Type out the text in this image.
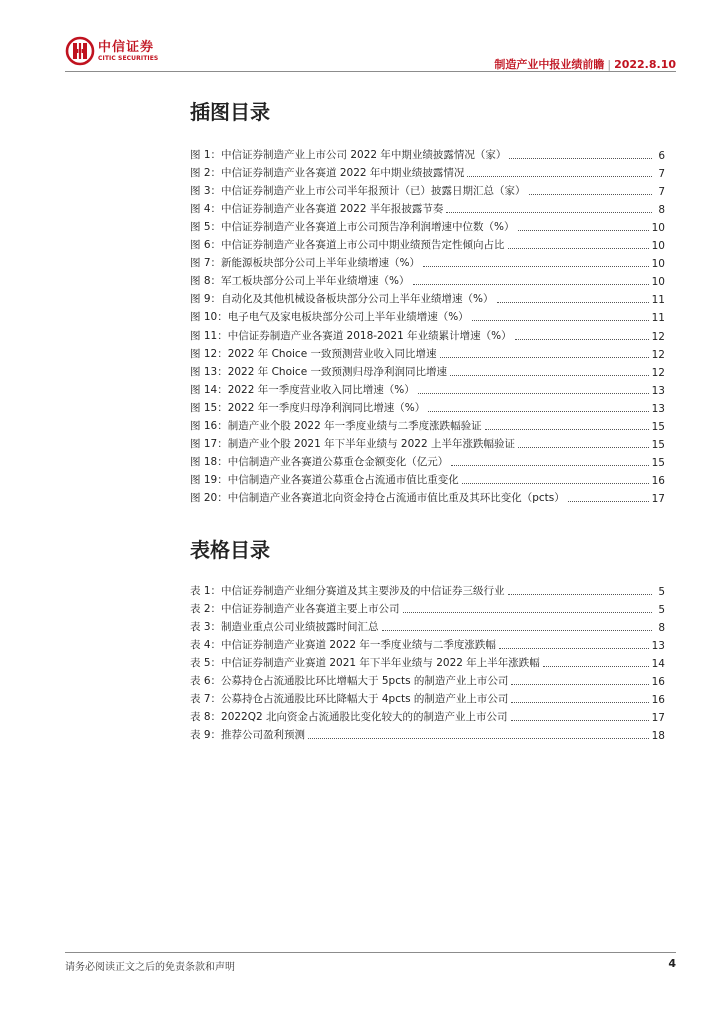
中信证券
CITIC SECURITIES	制造产业中报业绩前瞻 | 2022.8.10
插图目录
图 1：中信证券制造产业上市公司 2022 年中期业绩披露情况（家）	6
图 2：中信证券制造产业各赛道 2022 年中期业绩披露情况	7
图 3：中信证券制造产业上市公司半年报预计（已）披露日期汇总（家）	7
图 4：中信证券制造产业各赛道 2022 半年报披露节奏	8
图 5：中信证券制造产业各赛道上市公司预告净利润增速中位数（%）	10
图 6：中信证券制造产业各赛道上市公司中期业绩预告定性倾向占比	10
图 7：新能源板块部分公司上半年业绩增速（%）	10
图 8：军工板块部分公司上半年业绩增速（%）	10
图 9：自动化及其他机械设备板块部分公司上半年业绩增速（%）	11
图 10：电子电气及家电板块部分公司上半年业绩增速（%）	11
图 11：中信证券制造产业各赛道 2018-2021 年业绩累计增速（%）	12
图 12：2022 年 Choice 一致预测营业收入同比增速	12
图 13：2022 年 Choice 一致预测归母净利润同比增速	12
图 14：2022 年一季度营业收入同比增速（%）	13
图 15：2022 年一季度归母净利润同比增速（%）	13
图 16：制造产业个股 2022 年一季度业绩与二季度涨跌幅验证	15
图 17：制造产业个股 2021 年下半年业绩与 2022 上半年涨跌幅验证	15
图 18：中信制造产业各赛道公募重仓金额变化（亿元）	15
图 19：中信制造产业各赛道公募重仓占流通市值比重变化	16
图 20：中信制造产业各赛道北向资金持仓占流通市值比重及其环比变化（pcts）	17
表格目录
表 1：中信证券制造产业细分赛道及其主要涉及的中信证券三级行业	5
表 2：中信证券制造产业各赛道主要上市公司	5
表 3：制造业重点公司业绩披露时间汇总	8
表 4：中信证券制造产业赛道 2022 年一季度业绩与二季度涨跌幅	13
表 5：中信证券制造产业赛道 2021 年下半年业绩与 2022 年上半年涨跌幅	14
表 6：公募持仓占流通股比环比增幅大于 5pcts 的制造产业上市公司	16
表 7：公募持仓占流通股比环比降幅大于 4pcts 的制造产业上市公司	16
表 8：2022Q2 北向资金占流通股比变化较大的的制造产业上市公司	17
表 9：推荐公司盈利预测	18
请务必阅读正文之后的免责条款和声明	4
